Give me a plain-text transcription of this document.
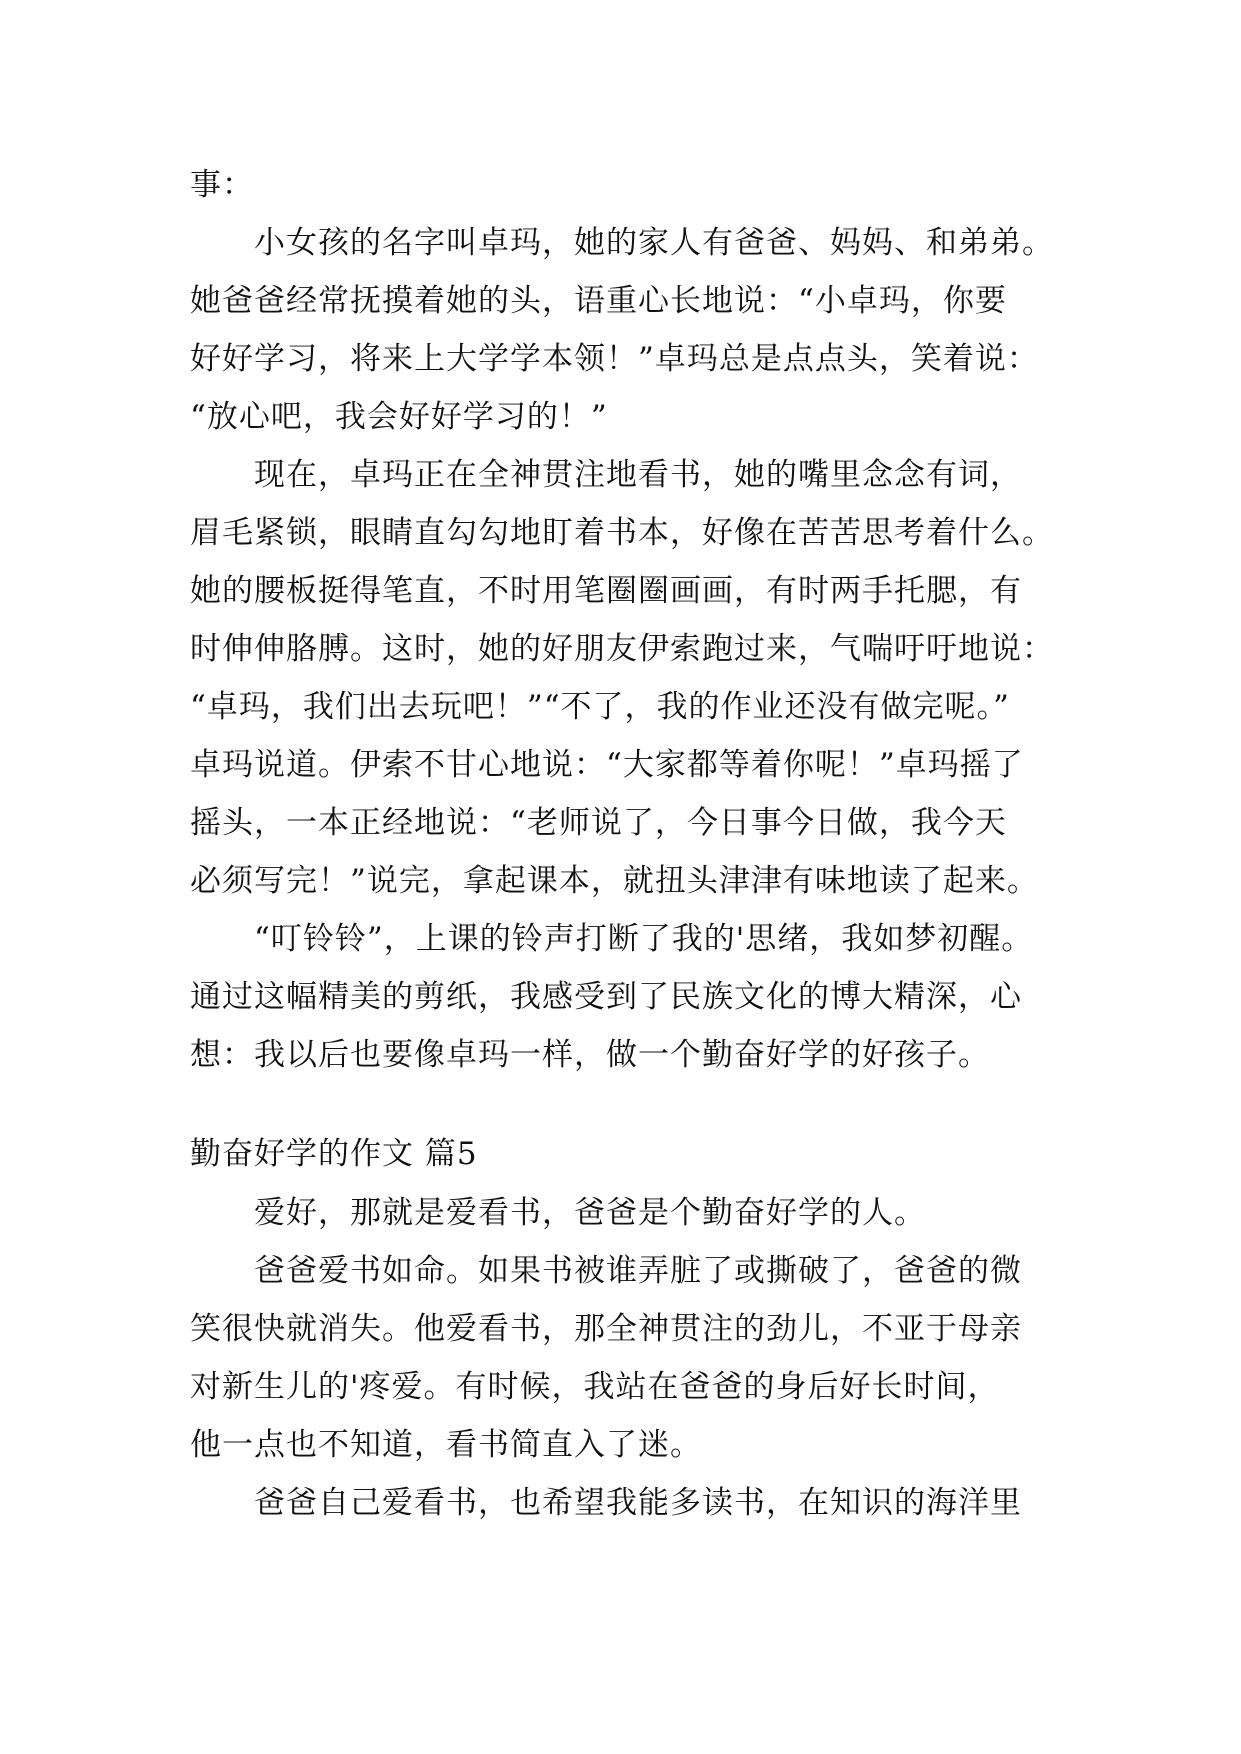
事：

　　小女孩的名字叫卓玛，她的家人有爸爸、妈妈、和弟弟。

她爸爸经常抚摸着她的头，语重心长地说：“小卓玛，你要

好好学习，将来上大学学本领！”卓玛总是点点头，笑着说：

“放心吧，我会好好学习的！”

　　现在，卓玛正在全神贯注地看书，她的嘴里念念有词，

眉毛紧锁，眼睛直勾勾地盯着书本，好像在苦苦思考着什么。

她的腰板挺得笔直，不时用笔圈圈画画，有时两手托腮，有

时伸伸胳膊。这时，她的好朋友伊索跑过来，气喘吁吁地说：

“卓玛，我们出去玩吧！”“不了，我的作业还没有做完呢。”

卓玛说道。伊索不甘心地说：“大家都等着你呢！”卓玛摇了

摇头，一本正经地说：“老师说了，今日事今日做，我今天

必须写完！”说完，拿起课本，就扭头津津有味地读了起来。

　　“叮铃铃”，上课的铃声打断了我的'思绪，我如梦初醒。

通过这幅精美的剪纸，我感受到了民族文化的博大精深，心

想：我以后也要像卓玛一样，做一个勤奋好学的好孩子。

勤奋好学的作文 篇5

　　爱好，那就是爱看书，爸爸是个勤奋好学的人。

　　爸爸爱书如命。如果书被谁弄脏了或撕破了，爸爸的微

笑很快就消失。他爱看书，那全神贯注的劲儿，不亚于母亲

对新生儿的'疼爱。有时候，我站在爸爸的身后好长时间，

他一点也不知道，看书简直入了迷。

　　爸爸自己爱看书，也希望我能多读书，在知识的海洋里
